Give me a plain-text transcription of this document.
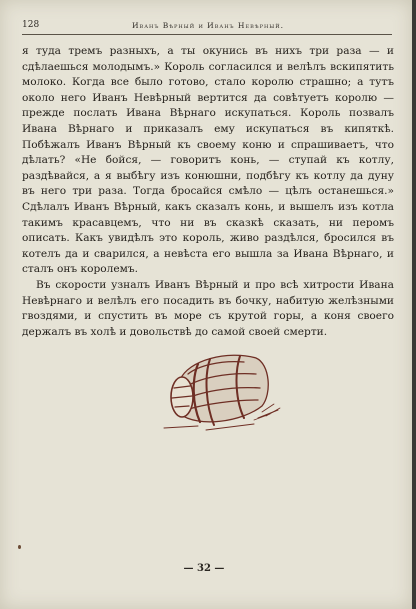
128	Иванъ Вѣрный и Иванъ Невѣрный.

я туда тремъ разныхъ, а ты окунись въ нихъ три раза — и сдѣлаешься молодымъ.» Король согласился и велѣлъ вскипятить молоко. Когда все было готово, стало королю страшно; а тутъ около него Иванъ Невѣрный вертится да совѣтуетъ королю — прежде послать Ивана Вѣрнаго искупаться. Король позвалъ Ивана Вѣрнаго и приказалъ ему искупаться въ кипяткѣ. Побѣжалъ Иванъ Вѣрный къ своему коню и спрашиваетъ, что дѣлать? «Не бойся, — говоритъ конь, — ступай къ котлу, раздѣвайся, а я выбѣгу изъ конюшни, подбѣгу къ котлу да дуну въ него три раза. Тогда бросайся смѣло — цѣлъ останешься.» Сдѣлалъ Иванъ Вѣрный, какъ сказалъ конь, и вышелъ изъ котла такимъ красавцемъ, что ни въ сказкѣ сказать, ни перомъ описать. Какъ увидѣлъ это король, живо раздѣлся, бросился въ котелъ да и сварился, а невѣста его вышла за Ивана Вѣрнаго, и сталъ онъ королемъ.

Въ скорости узналъ Иванъ Вѣрный и про всѣ хитрости Ивана Невѣрнаго и велѣлъ его посадить въ бочку, набитую желѣзными гвоздями, и спустить въ море съ крутой горы, а коня своего держалъ въ холѣ и довольствѣ до самой своей смерти.

— 32 —
